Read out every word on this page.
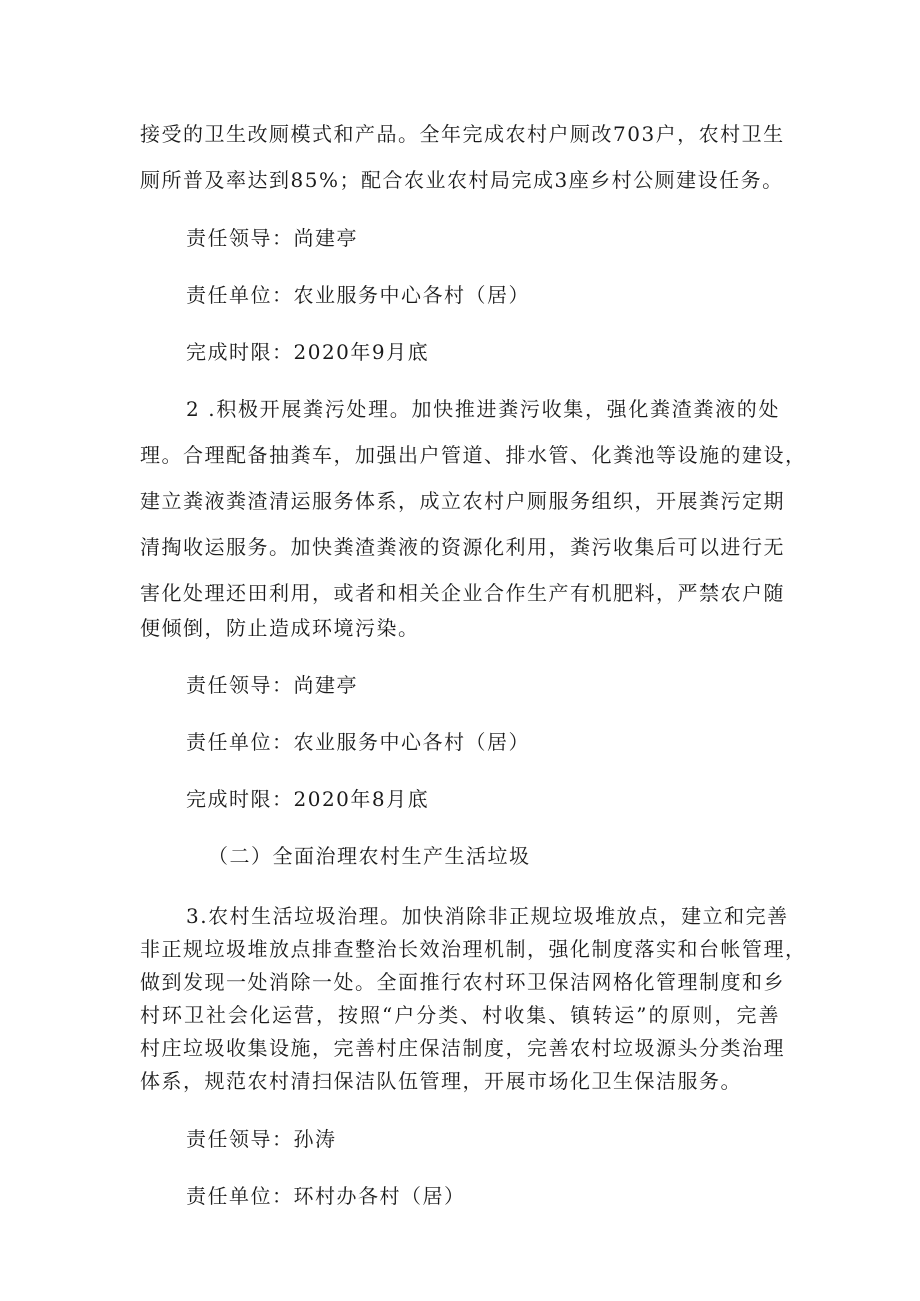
接受的卫生改厕模式和产品。全年完成农村户厕改703户，农村卫生
厕所普及率达到85%；配合农业农村局完成3座乡村公厕建设任务。
责任领导：尚建亭
责任单位：农业服务中心各村（居）
完成时限：2020年9月底
2 .积极开展粪污处理。加快推进粪污收集，强化粪渣粪液的处
理。合理配备抽粪车，加强出户管道、排水管、化粪池等设施的建设，
建立粪液粪渣清运服务体系，成立农村户厕服务组织，开展粪污定期
清掏收运服务。加快粪渣粪液的资源化利用，粪污收集后可以进行无
害化处理还田利用，或者和相关企业合作生产有机肥料，严禁农户随
便倾倒，防止造成环境污染。
责任领导：尚建亭
责任单位：农业服务中心各村（居）
完成时限：2020年8月底
（二）全面治理农村生产生活垃圾
3.农村生活垃圾治理。加快消除非正规垃圾堆放点，建立和完善
非正规垃圾堆放点排查整治长效治理机制，强化制度落实和台帐管理，
做到发现一处消除一处。全面推行农村环卫保洁网格化管理制度和乡
村环卫社会化运营，按照“户分类、村收集、镇转运”的原则，完善
村庄垃圾收集设施，完善村庄保洁制度，完善农村垃圾源头分类治理
体系，规范农村清扫保洁队伍管理，开展市场化卫生保洁服务。
责任领导：孙涛
责任单位：环村办各村（居）
